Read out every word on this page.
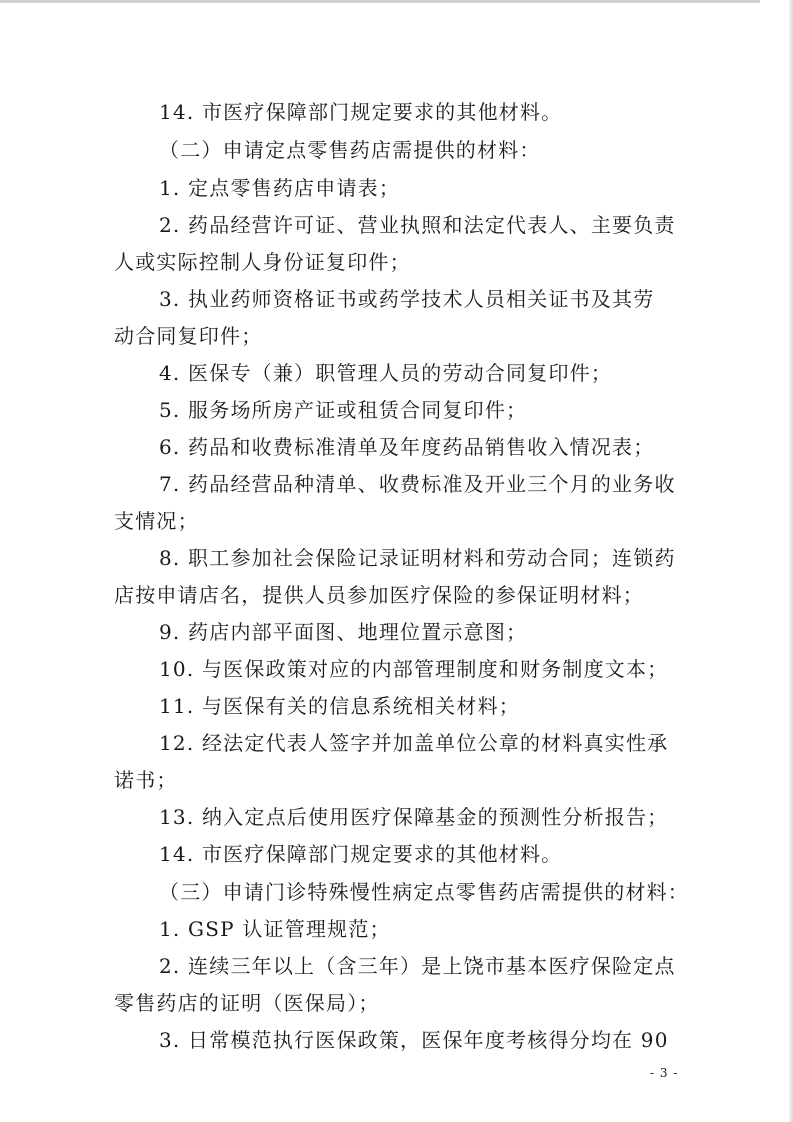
14. 市医疗保障部门规定要求的其他材料。
（二）申请定点零售药店需提供的材料：
1. 定点零售药店申请表；
2. 药品经营许可证、营业执照和法定代表人、主要负责
人或实际控制人身份证复印件；
3. 执业药师资格证书或药学技术人员相关证书及其劳
动合同复印件；
4. 医保专（兼）职管理人员的劳动合同复印件；
5. 服务场所房产证或租赁合同复印件；
6. 药品和收费标准清单及年度药品销售收入情况表；
7. 药品经营品种清单、收费标准及开业三个月的业务收
支情况；
8. 职工参加社会保险记录证明材料和劳动合同；连锁药
店按申请店名，提供人员参加医疗保险的参保证明材料；
9. 药店内部平面图、地理位置示意图；
10. 与医保政策对应的内部管理制度和财务制度文本；
11. 与医保有关的信息系统相关材料；
12. 经法定代表人签字并加盖单位公章的材料真实性承
诺书；
13. 纳入定点后使用医疗保障基金的预测性分析报告；
14. 市医疗保障部门规定要求的其他材料。
（三）申请门诊特殊慢性病定点零售药店需提供的材料：
1. GSP 认证管理规范；
2. 连续三年以上（含三年）是上饶市基本医疗保险定点
零售药店的证明（医保局）；
3. 日常模范执行医保政策，医保年度考核得分均在 90
- 3 -
